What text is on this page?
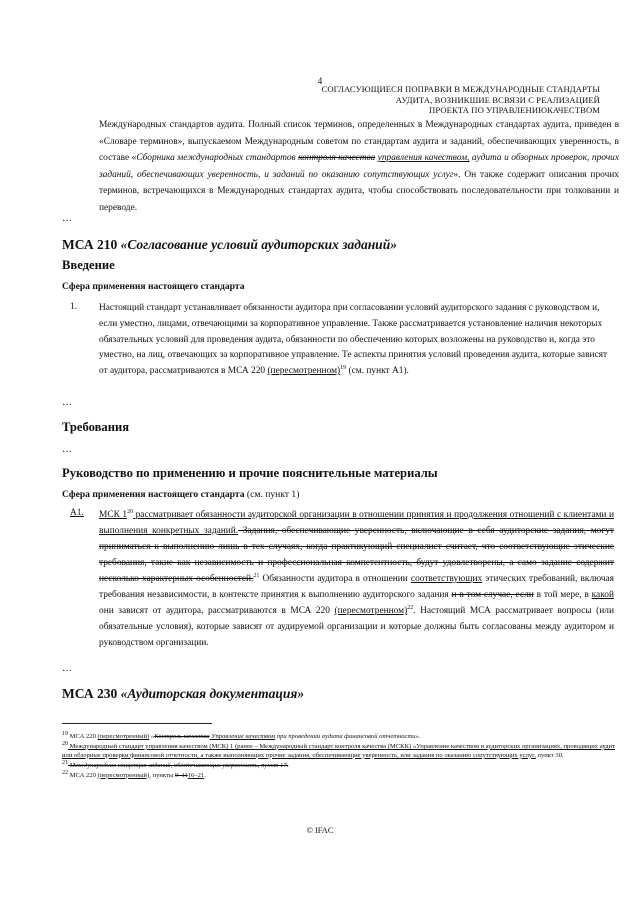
4
СОГЛАСУЮЩИЕСЯ ПОПРАВКИ В МЕЖДУНАРОДНЫЕ СТАНДАРТЫ
АУДИТА, ВОЗНИКШИЕ ВСВЯЗИ С РЕАЛИЗАЦИЕЙ
ПРОЕКТА ПО УПРАВЛЕНИЮКАЧЕСТВОМ
Международных стандартов аудита. Полный список терминов, определенных в Международных стандартах аудита, приведен в «Словаре терминов», выпускаемом Международным советом по стандартам аудита и заданий, обеспечивающих уверенность, в составе «Сборника международных стандартов контроля качества управления качеством, аудита и обзорных проверок, прочих заданий, обеспечивающих уверенность, и заданий по оказанию сопутствующих услуг». Он также содержит описания прочих терминов, встречающихся в Международных стандартах аудита, чтобы способствовать последовательности при толковании и переводе.
…
МСА 210 «Согласование условий аудиторских заданий»
Введение
Сфера применения настоящего стандарта
1. Настоящий стандарт устанавливает обязанности аудитора при согласовании условий аудиторского задания с руководством и, если уместно, лицами, отвечающими за корпоративное управление. Также рассматривается установление наличия некоторых обязательных условий для проведения аудита, обязанности по обеспечению которых возложены на руководство и, когда это уместно, на лиц, отвечающих за корпоративное управление. Те аспекты принятия условий проведения аудита, которые зависят от аудитора, рассматриваются в МСА 220 (пересмотренном)$^{19}$ (см. пункт А1).
…
Требования
…
Руководство по применению и прочие пояснительные материалы
Сфера применения настоящего стандарта (см. пункт 1)
A1. МСК $1^{20}$ рассматривает обязанности аудиторской организации в отношении принятия и продолжения отношений с клиентами и выполнения конкретных заданий. Задания, обеспечивающие уверенность, включающие в себя аудиторские задания, могут приниматься к выполнению лишь в тех случаях, когда практикующий специалист считает, что соответствующие этические требования, такие как независимость и профессиональная компетентность, будут удовлетворены, а само задание содержит несколько характерных особенностей.$^{21}$ Обязанности аудитора в отношении соответствующих этических требований, включая требования независимости, в контексте принятия к выполнению аудиторского задания и в том случае, если в той мере, в какой они зависят от аудитора, рассматриваются в МСА 220 (пересмотренном)$^{22}$. Настоящий МСА рассматривает вопросы (или обязательные условия), которые зависят от аудируемой организации и которые должны быть согласованы между аудитором и руководством организации.
…
МСА 230 «Аудиторская документация»
$^{19}$ МСА 220 (пересмотренный) «Контроль качества Управление качеством при проведении аудита финансовой отчетности».
$^{20}$ Международный стандарт управления качеством (МСК) 1 (ранее – Международный стандарт контроля качества (МСКК) «Управление качеством в аудиторских организациях, проводящих аудит или обзорные проверки финансовой отчетности, а также выполняющих прочие задания, обеспечивающие уверенность, или задания по оказанию сопутствующих услуг, пункт 30.
$^{21}$ Международная концепция заданий, обеспечивающих уверенность, пункт 17.
$^{22}$ МСА 220 (пересмотренный), пункты 9–1116–21.
© IFAC
